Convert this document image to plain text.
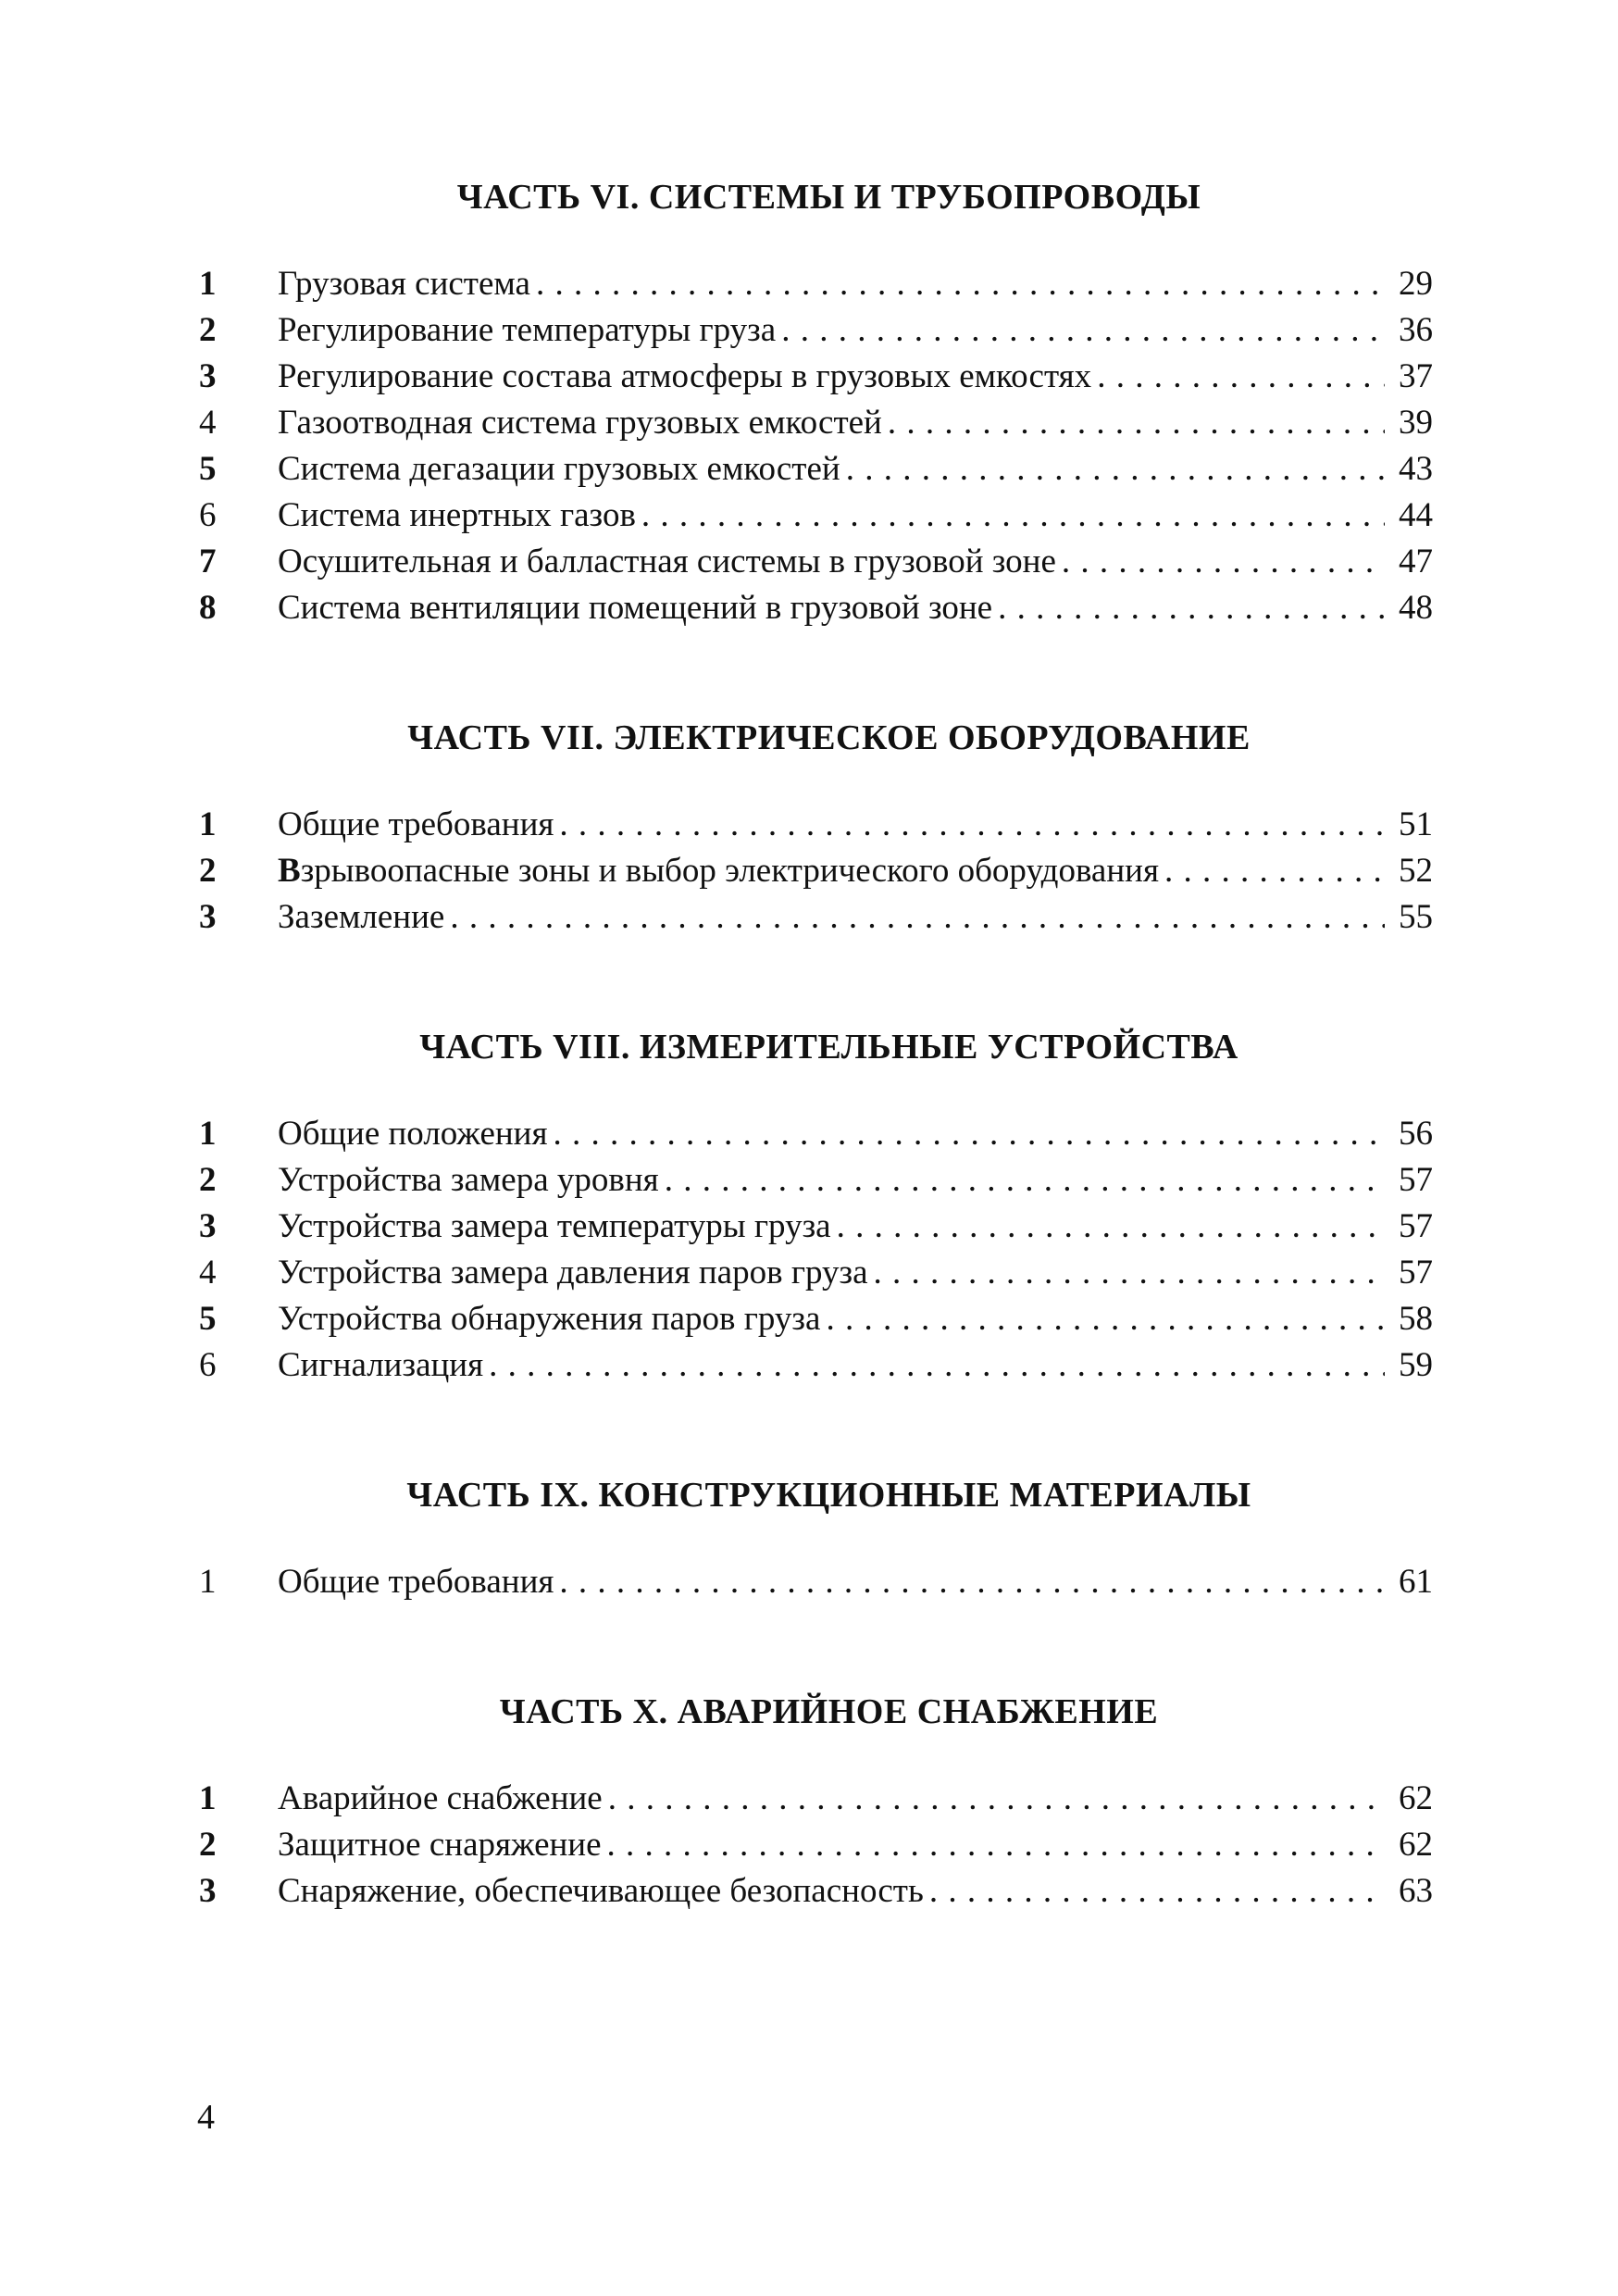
ЧАСТЬ VI. СИСТЕМЫ И ТРУБОПРОВОДЫ
1	Грузовая система . . .	29
2	Регулирование температуры груза . . .	36
3	Регулирование состава атмосферы в грузовых емкостях . . .	37
4	Газоотводная система грузовых емкостей . . .	39
5	Система дегазации грузовых емкостей . . .	43
6	Система инертных газов . . .	44
7	Осушительная и балластная системы в грузовой зоне . . .	47
8	Система вентиляции помещений в грузовой зоне . . .	48
ЧАСТЬ VII. ЭЛЕКТРИЧЕСКОЕ ОБОРУДОВАНИЕ
1	Общие требования . . .	51
2	Взрывоопасные зоны и выбор электрического оборудования . . .	52
3	Заземление . . .	55
ЧАСТЬ VIII. ИЗМЕРИТЕЛЬНЫЕ УСТРОЙСТВА
1	Общие положения . . .	56
2	Устройства замера уровня . . .	57
3	Устройства замера температуры груза . . .	57
4	Устройства замера давления паров груза . . .	57
5	Устройства обнаружения паров груза . . .	58
6	Сигнализация . . .	59
ЧАСТЬ IX. КОНСТРУКЦИОННЫЕ МАТЕРИАЛЫ
1	Общие требования . . .	61
ЧАСТЬ X. АВАРИЙНОЕ СНАБЖЕНИЕ
1	Аварийное снабжение . . .	62
2	Защитное снаряжение . . .	62
3	Снаряжение, обеспечивающее безопасность . . .	63
4
